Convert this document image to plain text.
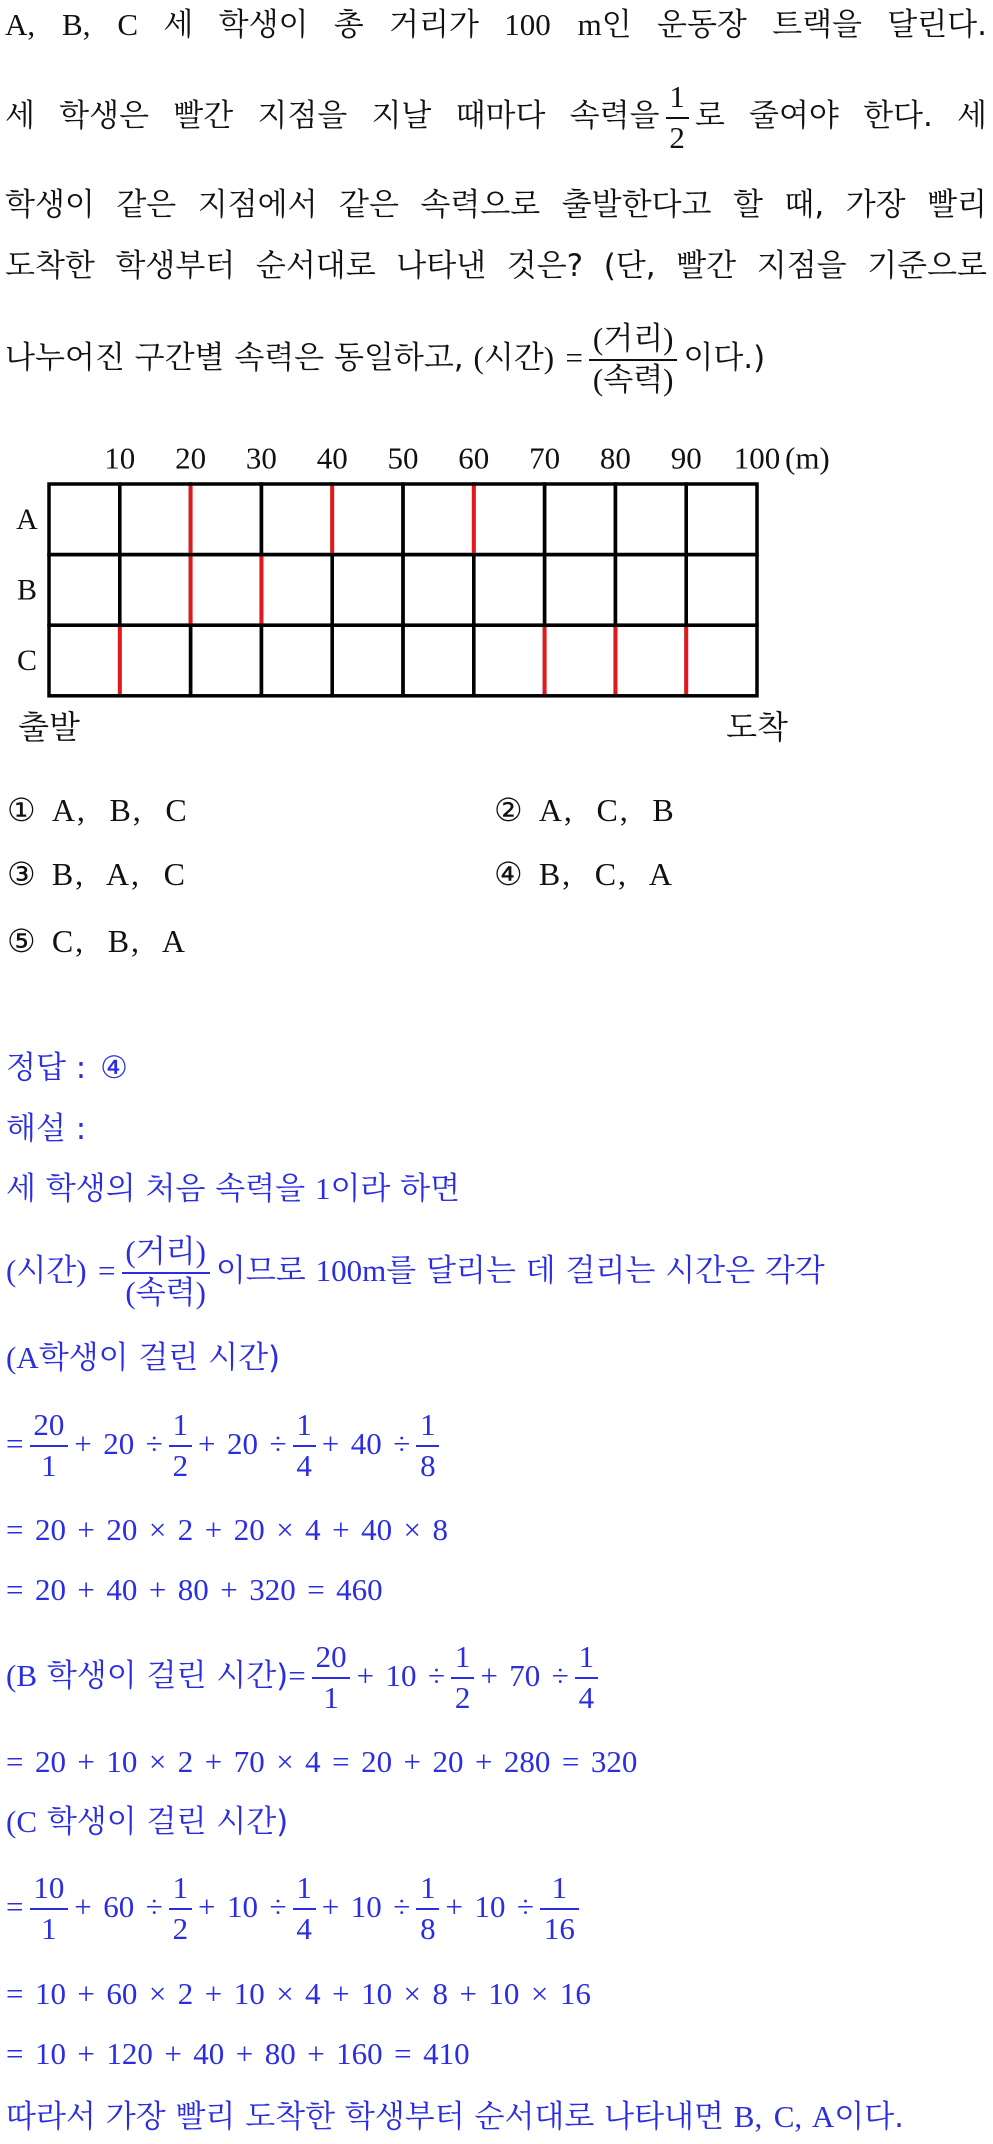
A, B, C 세 학생이 총 거리가 100 m인 운동장 트랙을 달린다.
세 학생은 빨간 지점을 지날 때마다 속력을 $\frac{1}{2}$ 로 줄여야 한다. 세
학생이 같은 지점에서 같은 속력으로 출발한다고 할 때, 가장 빨리
도착한 학생부터 순서대로 나타낸 것은? (단, 빨간 지점을 기준으로
나누어진 구간별 속력은 동일하고, (시간) = $\frac{\text{(거리)}}{\text{(속력)}}$ 이다.)
10 20 30 40 50 60 70 80 90 100 (m)
A
B
C
출발	도착
① A, B, C	② A, C, B
③ B, A, C	④ B, C, A
⑤ C, B, A
정답 : ④
해설 :
세 학생의 처음 속력을 1이라 하면
(시간) = $\frac{\text{(거리)}}{\text{(속력)}}$ 이므로 100m를 달리는 데 걸리는 시간은 각각
(A학생이 걸린 시간)
= $\frac{20}{1} + 20 \div \frac{1}{2} + 20 \div \frac{1}{4} + 40 \div \frac{1}{8}$
= 20 + 20 × 2 + 20 × 4 + 40 × 8
= 20 + 40 + 80 + 320 = 460
(B 학생이 걸린 시간)= $\frac{20}{1} + 10 \div \frac{1}{2} + 70 \div \frac{1}{4}$
= 20 + 10 × 2 + 70 × 4 = 20 + 20 + 280 = 320
(C 학생이 걸린 시간)
= $\frac{10}{1} + 60 \div \frac{1}{2} + 10 \div \frac{1}{4} + 10 \div \frac{1}{8} + 10 \div \frac{1}{16}$
= 10 + 60 × 2 + 10 × 4 + 10 × 8 + 10 × 16
= 10 + 120 + 40 + 80 + 160 = 410
따라서 가장 빨리 도착한 학생부터 순서대로 나타내면 B, C, A이다.
